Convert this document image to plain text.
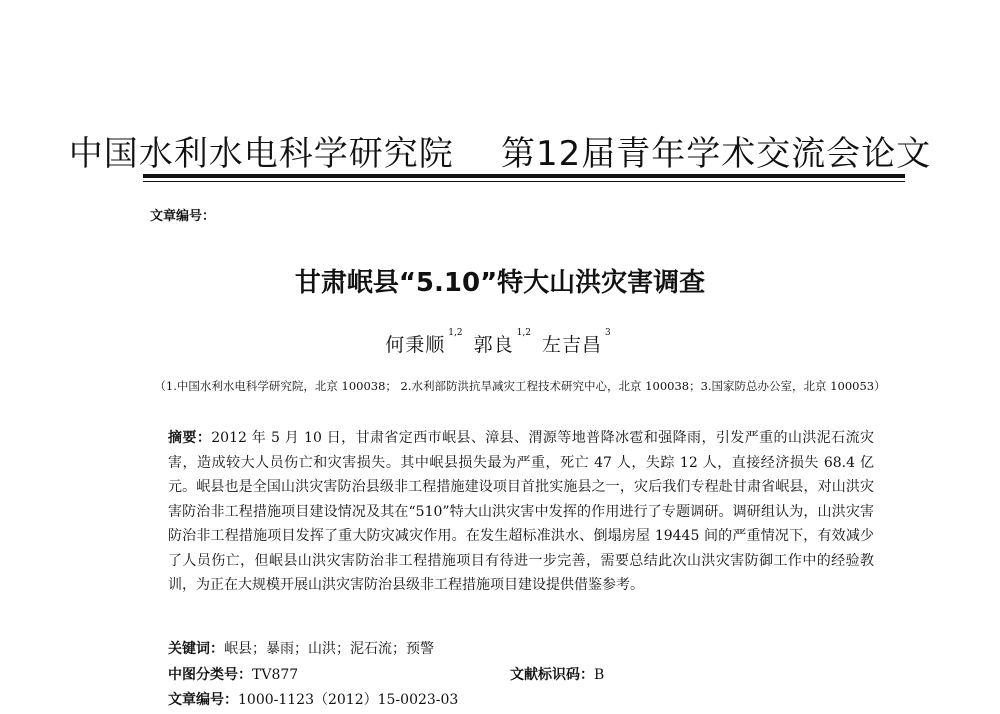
中国水利水电科学研究院    第12届青年学术交流会论文
文章编号：
甘肃岷县“5.10”特大山洪灾害调查
何秉顺$^{1,2}$ 郭良$^{1,2}$ 左吉昌$^3$
（1.中国水利水电科学研究院，北京 100038； 2.水利部防洪抗旱减灾工程技术研究中心，北京 100038；3.国家防总办公室，北京 100053）
摘要：2012 年 5 月 10 日，甘肃省定西市岷县、漳县、渭源等地普降冰雹和强降雨，引发严重的山洪泥石流灾害，造成较大人员伤亡和灾害损失。其中岷县损失最为严重，死亡 47 人，失踪 12 人，直接经济损失 68.4 亿元。岷县也是全国山洪灾害防治县级非工程措施建设项目首批实施县之一，灾后我们专程赴甘肃省岷县，对山洪灾害防治非工程措施项目建设情况及其在“510”特大山洪灾害中发挥的作用进行了专题调研。调研组认为，山洪灾害防治非工程措施项目发挥了重大防灾减灾作用。在发生超标准洪水、倒塌房屋 19445 间的严重情况下，有效减少了人员伤亡，但岷县山洪灾害防治非工程措施项目有待进一步完善，需要总结此次山洪灾害防御工作中的经验教训，为正在大规模开展山洪灾害防治县级非工程措施项目建设提供借鉴参考。
关键词：岷县；暴雨；山洪；泥石流；预警
中图分类号：TV877	文献标识码：B
文章编号：1000-1123（2012）15-0023-03
